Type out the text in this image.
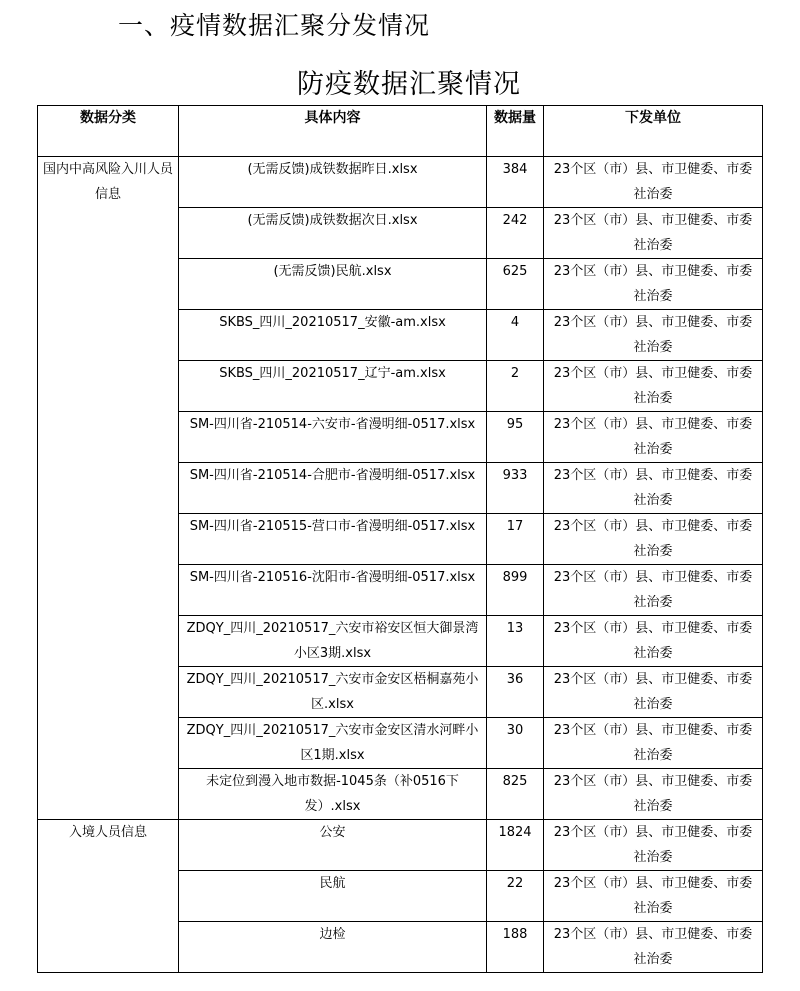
一、疫情数据汇聚分发情况
防疫数据汇聚情况
数据分类	具体内容	数据量	下发单位
国内中高风险入川人员信息	(无需反馈)成铁数据昨日.xlsx	384	23个区（市）县、市卫健委、市委社治委
	(无需反馈)成铁数据次日.xlsx	242	23个区（市）县、市卫健委、市委社治委
	(无需反馈)民航.xlsx	625	23个区（市）县、市卫健委、市委社治委
	SKBS_四川_20210517_安徽-am.xlsx	4	23个区（市）县、市卫健委、市委社治委
	SKBS_四川_20210517_辽宁-am.xlsx	2	23个区（市）县、市卫健委、市委社治委
	SM-四川省-210514-六安市-省漫明细-0517.xlsx	95	23个区（市）县、市卫健委、市委社治委
	SM-四川省-210514-合肥市-省漫明细-0517.xlsx	933	23个区（市）县、市卫健委、市委社治委
	SM-四川省-210515-营口市-省漫明细-0517.xlsx	17	23个区（市）县、市卫健委、市委社治委
	SM-四川省-210516-沈阳市-省漫明细-0517.xlsx	899	23个区（市）县、市卫健委、市委社治委
	ZDQY_四川_20210517_六安市裕安区恒大御景湾小区3期.xlsx	13	23个区（市）县、市卫健委、市委社治委
	ZDQY_四川_20210517_六安市金安区梧桐嘉苑小区.xlsx	36	23个区（市）县、市卫健委、市委社治委
	ZDQY_四川_20210517_六安市金安区清水河畔小区1期.xlsx	30	23个区（市）县、市卫健委、市委社治委
	未定位到漫入地市数据-1045条（补0516下发）.xlsx	825	23个区（市）县、市卫健委、市委社治委
入境人员信息	公安	1824	23个区（市）县、市卫健委、市委社治委
	民航	22	23个区（市）县、市卫健委、市委社治委
	边检	188	23个区（市）县、市卫健委、市委社治委
